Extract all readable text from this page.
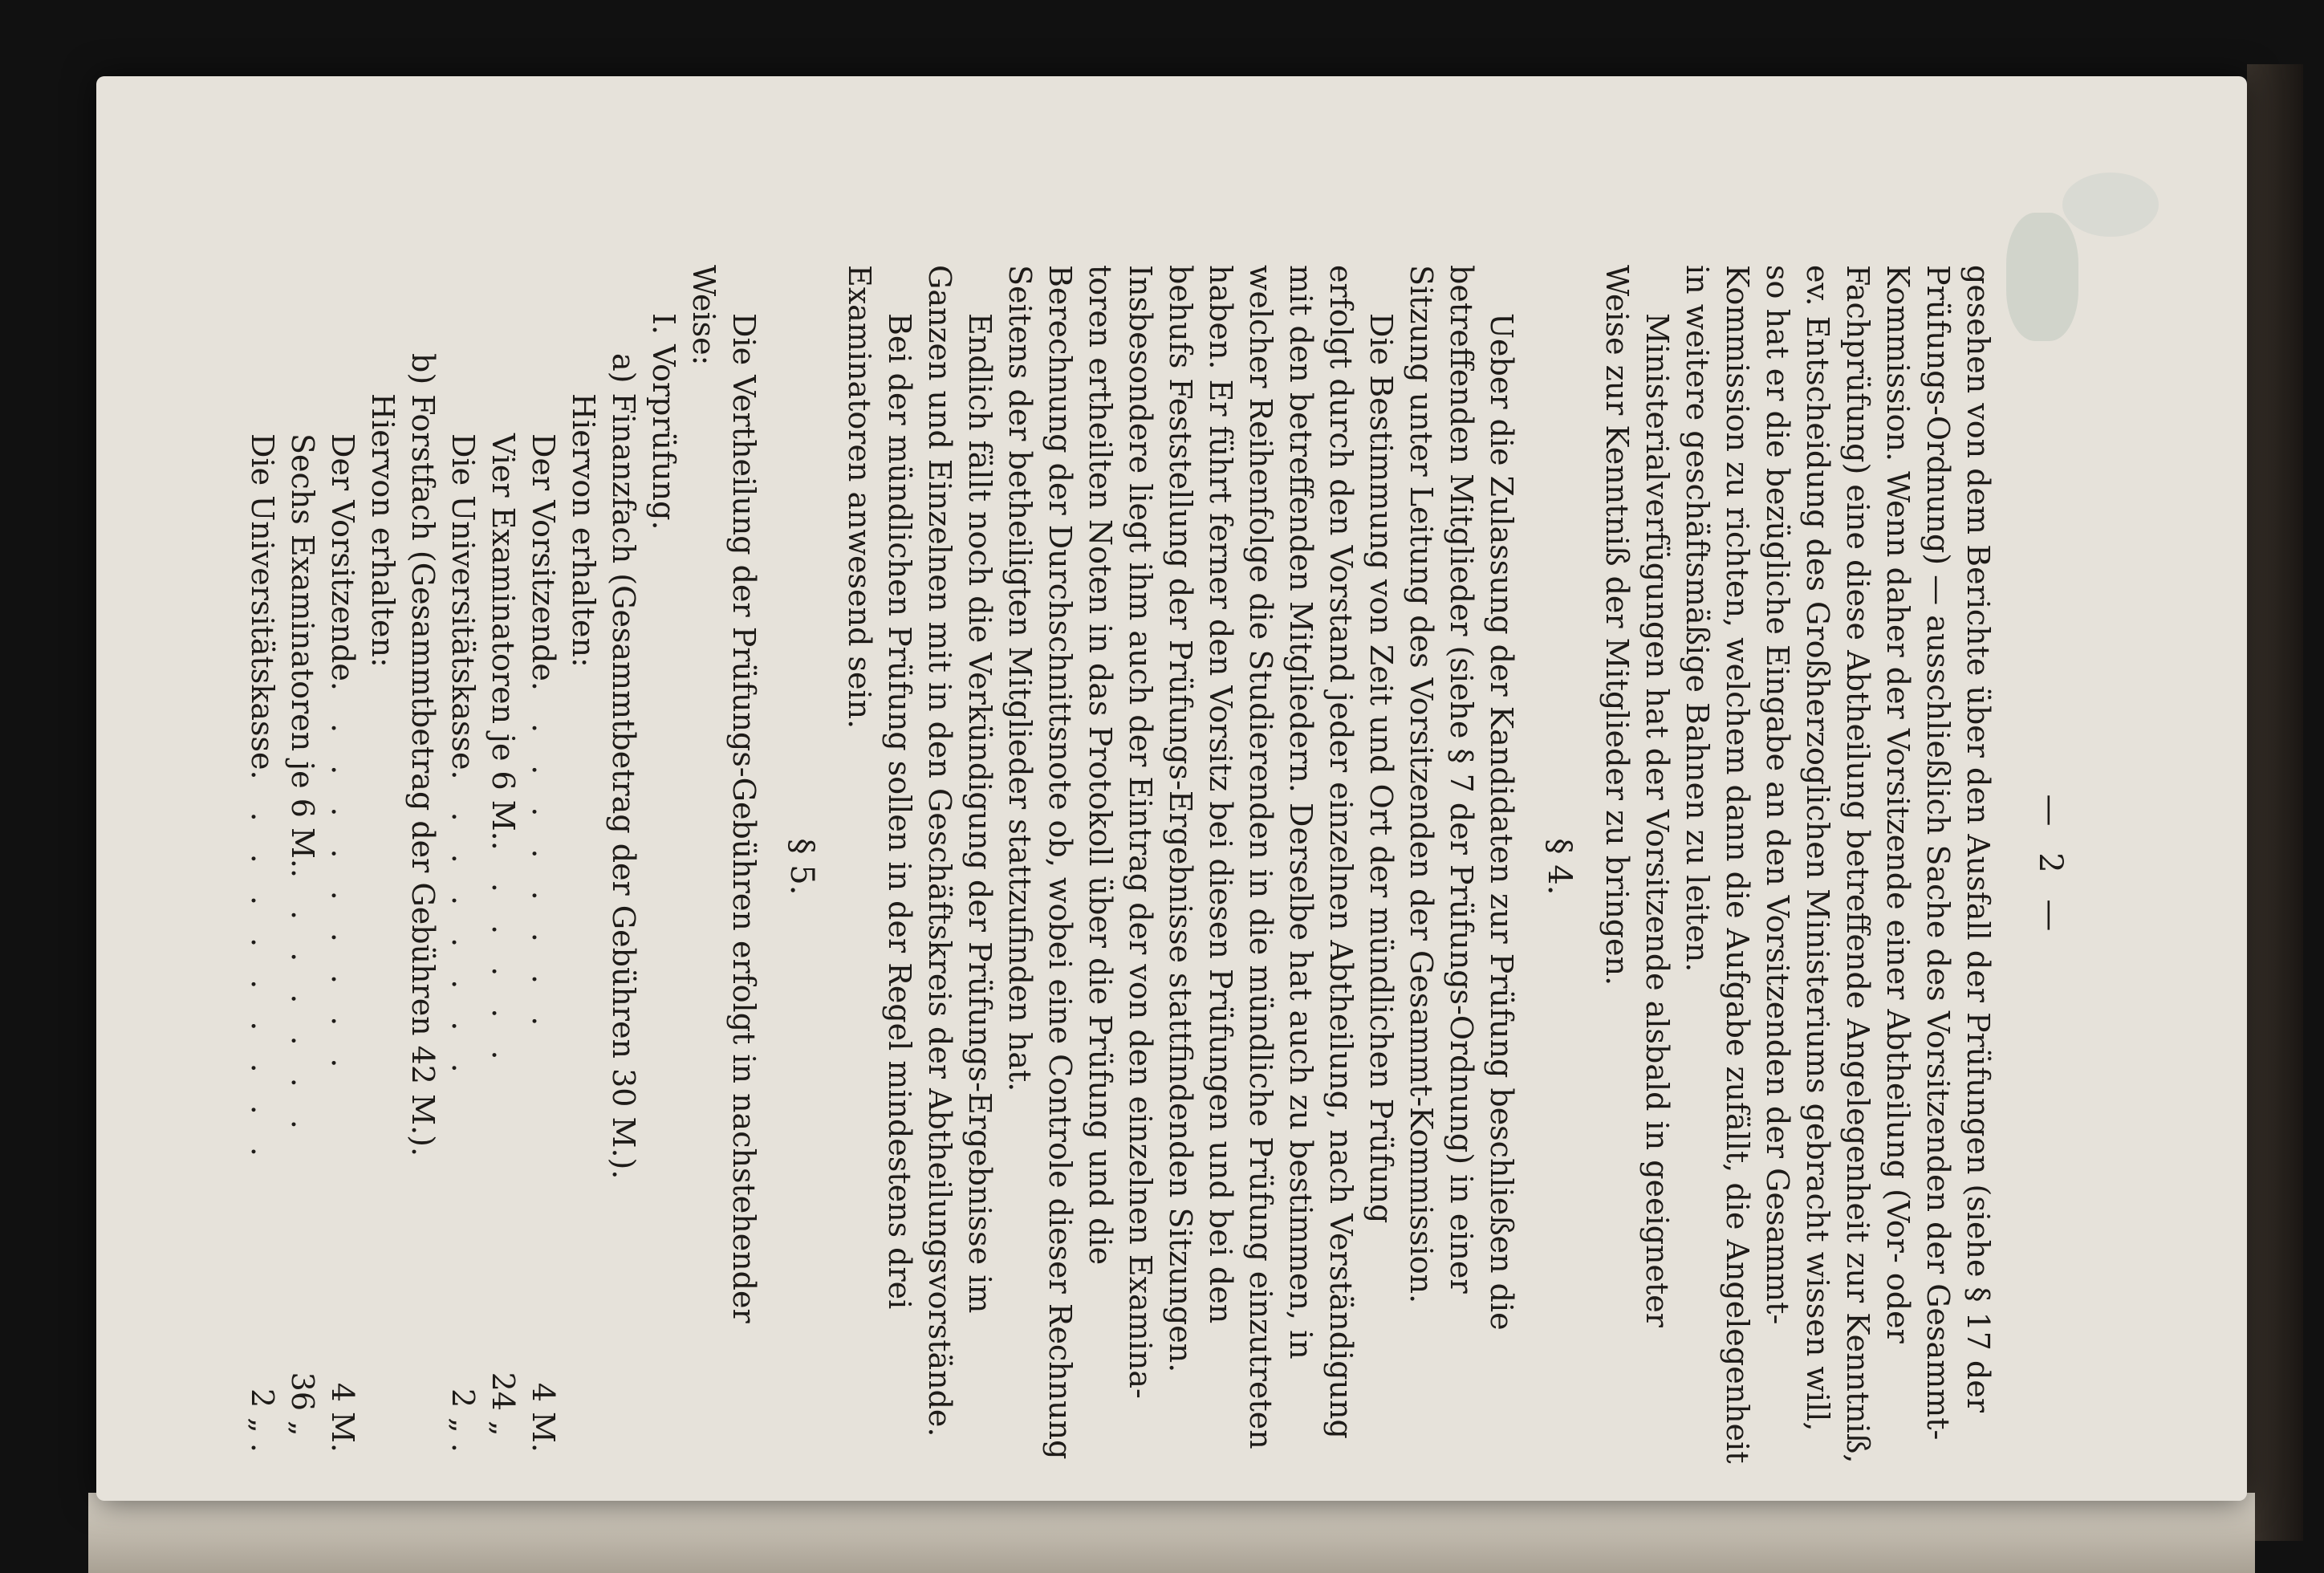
— 2 —
gesehen von dem Berichte über den Ausfall der Prüfungen (siehe § 17 der
Prüfungs-Ordnung) — ausschließlich Sache des Vorsitzenden der Gesammt-
Kommission. Wenn daher der Vorsitzende einer Abtheilung (Vor- oder
Fachprüfung) eine diese Abtheilung betreffende Angelegenheit zur Kenntniß,
ev. Entscheidung des Großherzoglichen Ministeriums gebracht wissen will,
so hat er die bezügliche Eingabe an den Vorsitzenden der Gesammt-
Kommission zu richten, welchem dann die Aufgabe zufällt, die Angelegenheit
in weitere geschäftsmäßige Bahnen zu leiten.
Ministerialverfügungen hat der Vorsitzende alsbald in geeigneter
Weise zur Kenntniß der Mitglieder zu bringen.
§ 4.
Ueber die Zulassung der Kandidaten zur Prüfung beschließen die
betreffenden Mitglieder (siehe § 7 der Prüfungs-Ordnung) in einer
Sitzung unter Leitung des Vorsitzenden der Gesammt-Kommission.
Die Bestimmung von Zeit und Ort der mündlichen Prüfung
erfolgt durch den Vorstand jeder einzelnen Abtheilung, nach Verständigung
mit den betreffenden Mitgliedern. Derselbe hat auch zu bestimmen, in
welcher Reihenfolge die Studierenden in die mündliche Prüfung einzutreten
haben. Er führt ferner den Vorsitz bei diesen Prüfungen und bei den
behufs Feststellung der Prüfungs-Ergebnisse stattfindenden Sitzungen.
Insbesondere liegt ihm auch der Eintrag der von den einzelnen Examina-
toren ertheilten Noten in das Protokoll über die Prüfung und die
Berechnung der Durchschnittsnote ob, wobei eine Controle dieser Rechnung
Seitens der betheiligten Mitglieder stattzufinden hat.
Endlich fällt noch die Verkündigung der Prüfungs-Ergebnisse im
Ganzen und Einzelnen mit in den Geschäftskreis der Abtheilungsvorstände.
Bei der mündlichen Prüfung sollen in der Regel mindestens drei
Examinatoren anwesend sein.
§ 5.
Die Vertheilung der Prüfungs-Gebühren erfolgt in nachstehender
Weise:
I. Vorprüfung.
a) Finanzfach (Gesammtbetrag der Gebühren 30 M.).
Hiervon erhalten:
Der Vorsitzende
. . . . . . . . .
4
M.
Vier Examinatoren je 6 M.
. . . . . .
24
„
Die Universitätskasse
. . . . . . . .
2
„ .
b) Forstfach (Gesammtbetrag der Gebühren 42 M.).
Hiervon erhalten:
Der Vorsitzende
. . . . . . . . . .
4
M.
Sechs Examinatoren je 6 M.
. . . . . . .
36
„
Die Universitätskasse
. . . . . . . . . .
2
„ .
